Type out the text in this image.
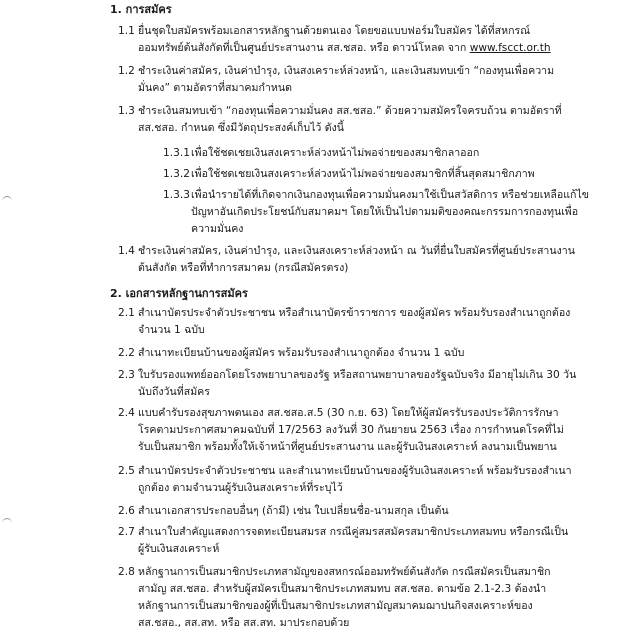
1. การสมัคร
1.1 ยื่นชุดใบสมัครพร้อมเอกสารหลักฐานด้วยตนเอง โดยขอแบบฟอร์มใบสมัคร ได้ที่สหกรณ์
ออมทรัพย์ต้นสังกัดที่เป็นศูนย์ประสานงาน สส.ชสอ. หรือ ดาวน์โหลด จาก www.fscct.or.th
1.2 ชำระเงินค่าสมัคร, เงินค่าบำรุง, เงินสงเคราะห์ล่วงหน้า, และเงินสมทบเข้า “กองทุนเพื่อความ
มั่นคง” ตามอัตราที่สมาคมกำหนด
1.3 ชำระเงินสมทบเข้า “กองทุนเพื่อความมั่นคง สส.ชสอ.” ด้วยความสมัครใจครบถ้วน ตามอัตราที่
สส.ชสอ. กำหนด ซึ่งมีวัตถุประสงค์เก็บไว้ ดังนี้
1.3.1 เพื่อใช้ชดเชยเงินสงเคราะห์ล่วงหน้าไม่พอจ่ายของสมาชิกลาออก
1.3.2 เพื่อใช้ชดเชยเงินสงเคราะห์ล่วงหน้าไม่พอจ่ายของสมาชิกที่สิ้นสุดสมาชิกภาพ
1.3.3 เพื่อนำรายได้ที่เกิดจากเงินกองทุนเพื่อความมั่นคงมาใช้เป็นสวัสดิการ หรือช่วยเหลือแก้ไข
ปัญหาอันเกิดประโยชน์กับสมาคมฯ โดยให้เป็นไปตามมติของคณะกรรมการกองทุนเพื่อ
ความมั่นคง
1.4 ชำระเงินค่าสมัคร, เงินค่าบำรุง, และเงินสงเคราะห์ล่วงหน้า ณ วันที่ยื่นใบสมัครที่ศูนย์ประสานงาน
ต้นสังกัด หรือที่ทำการสมาคม (กรณีสมัครตรง)
2. เอกสารหลักฐานการสมัคร
2.1 สำเนาบัตรประจำตัวประชาชน หรือสำเนาบัตรข้าราชการ ของผู้สมัคร พร้อมรับรองสำเนาถูกต้อง
จำนวน 1 ฉบับ
2.2 สำเนาทะเบียนบ้านของผู้สมัคร พร้อมรับรองสำเนาถูกต้อง จำนวน 1 ฉบับ
2.3 ใบรับรองแพทย์ออกโดยโรงพยาบาลของรัฐ หรือสถานพยาบาลของรัฐฉบับจริง มีอายุไม่เกิน 30 วัน
นับถึงวันที่สมัคร
2.4 แบบคำรับรองสุขภาพตนเอง สส.ชสอ.ส.5 (30 ก.ย. 63) โดยให้ผู้สมัครรับรองประวัติการรักษา
โรคตามประกาศสมาคมฉบับที่ 17/2563 ลงวันที่ 30 กันยายน 2563 เรื่อง การกำหนดโรคที่ไม่
รับเป็นสมาชิก พร้อมทั้งให้เจ้าหน้าที่ศูนย์ประสานงาน และผู้รับเงินสงเคราะห์ ลงนามเป็นพยาน
2.5 สำเนาบัตรประจำตัวประชาชน และสำเนาทะเบียนบ้านของผู้รับเงินสงเคราะห์ พร้อมรับรองสำเนา
ถูกต้อง ตามจำนวนผู้รับเงินสงเคราะห์ที่ระบุไว้
2.6 สำเนาเอกสารประกอบอื่นๆ (ถ้ามี) เช่น ใบเปลี่ยนชื่อ-นามสกุล เป็นต้น
2.7 สำเนาใบสำคัญแสดงการจดทะเบียนสมรส กรณีคู่สมรสสมัครสมาชิกประเภทสมทบ หรือกรณีเป็น
ผู้รับเงินสงเคราะห์
2.8 หลักฐานการเป็นสมาชิกประเภทสามัญของสหกรณ์ออมทรัพย์ต้นสังกัด กรณีสมัครเป็นสมาชิก
สามัญ สส.ชสอ. สำหรับผู้สมัครเป็นสมาชิกประเภทสมทบ สส.ชสอ. ตามข้อ 2.1-2.3 ต้องนำ
หลักฐานการเป็นสมาชิกของผู้ที่เป็นสมาชิกประเภทสามัญสมาคมฌาปนกิจสงเคราะห์ของ
สส.ชสอ., สส.สท. หรือ สส.สท. มาประกอบด้วย
